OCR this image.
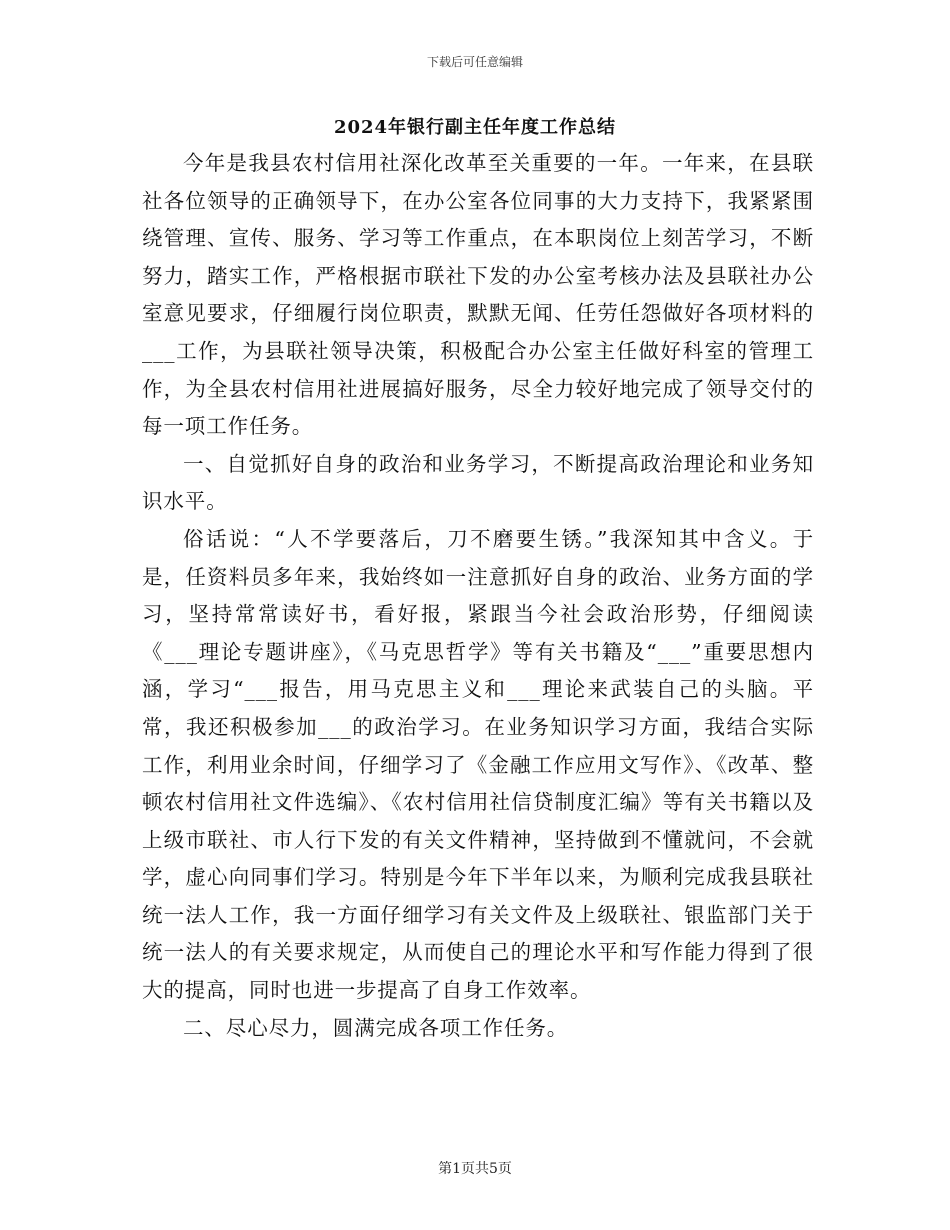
下载后可任意编辑
2024年银行副主任年度工作总结

今年是我县农村信用社深化改革至关重要的一年。一年来，在县联社各位领导的正确领导下，在办公室各位同事的大力支持下，我紧紧围绕管理、宣传、服务、学习等工作重点，在本职岗位上刻苦学习，不断努力，踏实工作，严格根据市联社下发的办公室考核办法及县联社办公室意见要求，仔细履行岗位职责，默默无闻、任劳任怨做好各项材料的___工作，为县联社领导决策，积极配合办公室主任做好科室的管理工作，为全县农村信用社进展搞好服务，尽全力较好地完成了领导交付的每一项工作任务。

一、自觉抓好自身的政治和业务学习，不断提高政治理论和业务知识水平。

俗话说：“人不学要落后，刀不磨要生锈。”我深知其中含义。于是，任资料员多年来，我始终如一注意抓好自身的政治、业务方面的学习，坚持常常读好书，看好报，紧跟当今社会政治形势，仔细阅读《___理论专题讲座》，《马克思哲学》等有关书籍及“___”重要思想内涵，学习“___报告，用马克思主义和___理论来武装自己的头脑。平常，我还积极参加___的政治学习。在业务知识学习方面，我结合实际工作，利用业余时间，仔细学习了《金融工作应用文写作》、《改革、整顿农村信用社文件选编》、《农村信用社信贷制度汇编》等有关书籍以及上级市联社、市人行下发的有关文件精神，坚持做到不懂就问，不会就学，虚心向同事们学习。特别是今年下半年以来，为顺利完成我县联社统一法人工作，我一方面仔细学习有关文件及上级联社、银监部门关于统一法人的有关要求规定，从而使自己的理论水平和写作能力得到了很大的提高，同时也进一步提高了自身工作效率。

二、尽心尽力，圆满完成各项工作任务。

第1页共5页
